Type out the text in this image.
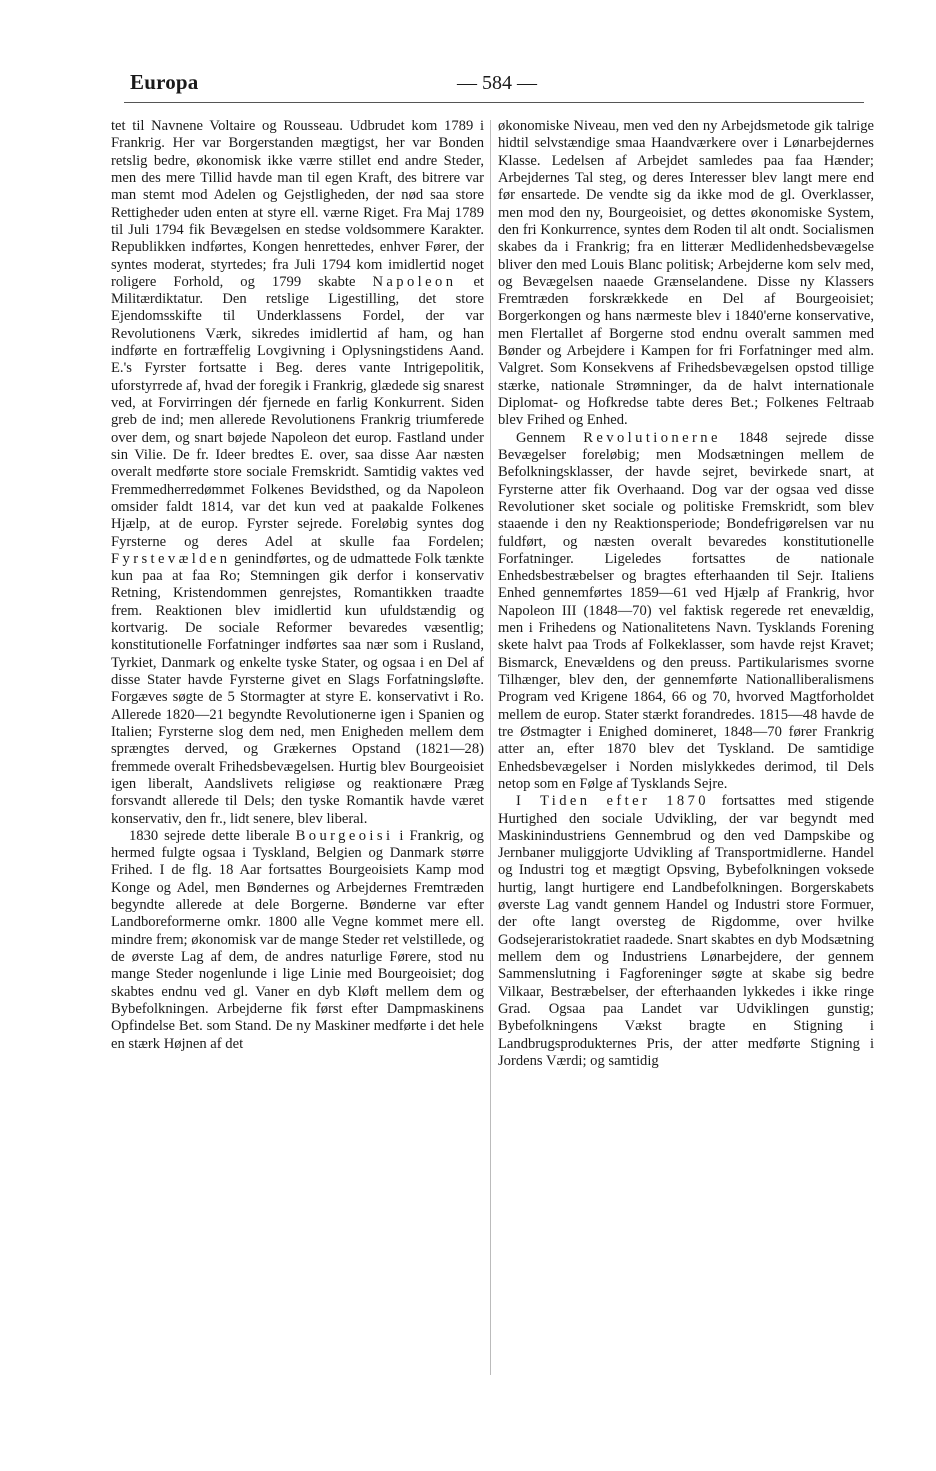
Europa	— 584 —

tet til Navnene Voltaire og Rousseau. Udbrudet kom 1789 i Frankrig. Her var Borgerstanden mægtigst, her var Bonden retslig bedre, økonomisk ikke værre stillet end andre Steder, men des mere Tillid havde man til egen Kraft, des bitrere var man stemt mod Adelen og Gejstligheden, der nød saa store Rettigheder uden enten at styre ell. værne Riget. Fra Maj 1789 til Juli 1794 fik Bevægelsen en stedse voldsommere Karakter. Republikken indførtes, Kongen henrettedes, enhver Fører, der syntes moderat, styrtedes; fra Juli 1794 kom imidlertid noget roligere Forhold, og 1799 skabte Napoleon et Militærdiktatur. Den retslige Ligestilling, det store Ejendomsskifte til Underklassens Fordel, der var Revolutionens Værk, sikredes imidlertid af ham, og han indførte en fortræffelig Lovgivning i Oplysningstidens Aand. E.'s Fyrster fortsatte i Beg. deres vante Intrigepolitik, uforstyrrede af, hvad der foregik i Frankrig, glædede sig snarest ved, at Forvirringen dér fjernede en farlig Konkurrent. Siden greb de ind; men allerede Revolutionens Frankrig triumferede over dem, og snart bøjede Napoleon det europ. Fastland under sin Vilie. De fr. Ideer bredtes E. over, saa disse Aar næsten overalt medførte store sociale Fremskridt. Samtidig vaktes ved Fremmedherredømmet Folkenes Bevidsthed, og da Napoleon omsider faldt 1814, var det kun ved at paakalde Folkenes Hjælp, at de europ. Fyrster sejrede. Foreløbig syntes dog Fyrsterne og deres Adel at skulle faa Fordelen; Fyrstevælden genindførtes, og de udmattede Folk tænkte kun paa at faa Ro; Stemningen gik derfor i konservativ Retning, Kristendommen genrejstes, Romantikken traadte frem. Reaktionen blev imidlertid kun ufuldstændig og kortvarig. De sociale Reformer bevaredes væsentlig; konstitutionelle Forfatninger indførtes saa nær som i Rusland, Tyrkiet, Danmark og enkelte tyske Stater, og ogsaa i en Del af disse Stater havde Fyrsterne givet en Slags Forfatningsløfte. Forgæves søgte de 5 Stormagter at styre E. konservativt i Ro. Allerede 1820—21 begyndte Revolutionerne igen i Spanien og Italien; Fyrsterne slog dem ned, men Enigheden mellem dem sprængtes derved, og Grækernes Opstand (1821—28) fremmede overalt Frihedsbevægelsen. Hurtig blev Bourgeoisiet igen liberalt, Aandslivets religiøse og reaktionære Præg forsvandt allerede til Dels; den tyske Romantik havde været konservativ, den fr., lidt senere, blev liberal.

1830 sejrede dette liberale Bourgeoisi i Frankrig, og hermed fulgte ogsaa i Tyskland, Belgien og Danmark større Frihed. I de flg. 18 Aar fortsattes Bourgeoisiets Kamp mod Konge og Adel, men Bøndernes og Arbejdernes Fremtræden begyndte allerede at dele Borgerne. Bønderne var efter Landboreformerne omkr. 1800 alle Vegne kommet mere ell. mindre frem; økonomisk var de mange Steder ret velstillede, og de øverste Lag af dem, de andres naturlige Førere, stod nu mange Steder nogenlunde i lige Linie med Bourgeoisiet; dog skabtes endnu ved gl. Vaner en dyb Kløft mellem dem og Bybefolkningen. Arbejderne fik først efter Dampmaskinens Opfindelse Bet. som Stand. De ny Maskiner medførte i det hele en stærk Højnen af det

økonomiske Niveau, men ved den ny Arbejdsmetode gik talrige hidtil selvstændige smaa Haandværkere over i Lønarbejdernes Klasse. Ledelsen af Arbejdet samledes paa faa Hænder; Arbejdernes Tal steg, og deres Interesser blev langt mere end før ensartede. De vendte sig da ikke mod de gl. Overklasser, men mod den ny, Bourgeoisiet, og dettes økonomiske System, den fri Konkurrence, syntes dem Roden til alt ondt. Socialismen skabes da i Frankrig; fra en litterær Medlidenhedsbevægelse bliver den med Louis Blanc politisk; Arbejderne kom selv med, og Bevægelsen naaede Grænselandene. Disse ny Klassers Fremtræden forskrækkede en Del af Bourgeoisiet; Borgerkongen og hans nærmeste blev i 1840'erne konservative, men Flertallet af Borgerne stod endnu overalt sammen med Bønder og Arbejdere i Kampen for fri Forfatninger med alm. Valgret. Som Konsekvens af Frihedsbevægelsen opstod tillige stærke, nationale Strømninger, da de halvt internationale Diplomat- og Hofkredse tabte deres Bet.; Folkenes Feltraab blev Frihed og Enhed.

Gennem Revolutionerne 1848 sejrede disse Bevægelser foreløbig; men Modsætningen mellem de Befolkningsklasser, der havde sejret, bevirkede snart, at Fyrsterne atter fik Overhaand. Dog var der ogsaa ved disse Revolutioner sket sociale og politiske Fremskridt, som blev staaende i den ny Reaktionsperiode; Bondefrigørelsen var nu fuldført, og næsten overalt bevaredes konstitutionelle Forfatninger. Ligeledes fortsattes de nationale Enhedsbestræbelser og bragtes efterhaanden til Sejr. Italiens Enhed gennemførtes 1859—61 ved Hjælp af Frankrig, hvor Napoleon III (1848—70) vel faktisk regerede ret enevældig, men i Frihedens og Nationalitetens Navn. Tysklands Forening skete halvt paa Trods af Folkeklasser, som havde rejst Kravet; Bismarck, Enevældens og den preuss. Partikularismes svorne Tilhænger, blev den, der gennemførte Nationalliberalismens Program ved Krigene 1864, 66 og 70, hvorved Magtforholdet mellem de europ. Stater stærkt forandredes. 1815—48 havde de tre Østmagter i Enighed domineret, 1848—70 fører Frankrig atter an, efter 1870 blev det Tyskland. De samtidige Enhedsbevægelser i Norden mislykkedes derimod, til Dels netop som en Følge af Tysklands Sejre.

I Tiden efter 1870 fortsattes med stigende Hurtighed den sociale Udvikling, der var begyndt med Maskinindustriens Gennembrud og den ved Dampskibe og Jernbaner muliggjorte Udvikling af Transportmidlerne. Handel og Industri tog et mægtigt Opsving, Bybefolkningen voksede hurtig, langt hurtigere end Landbefolkningen. Borgerskabets øverste Lag vandt gennem Handel og Industri store Formuer, der ofte langt oversteg de Rigdomme, over hvilke Godsejeraristokratiet raadede. Snart skabtes en dyb Modsætning mellem dem og Industriens Lønarbejdere, der gennem Sammenslutning i Fagforeninger søgte at skabe sig bedre Vilkaar, Bestræbelser, der efterhaanden lykkedes i ikke ringe Grad. Ogsaa paa Landet var Udviklingen gunstig; Bybefolkningens Vækst bragte en Stigning i Landbrugsprodukternes Pris, der atter medførte Stigning i Jordens Værdi; og samtidig
